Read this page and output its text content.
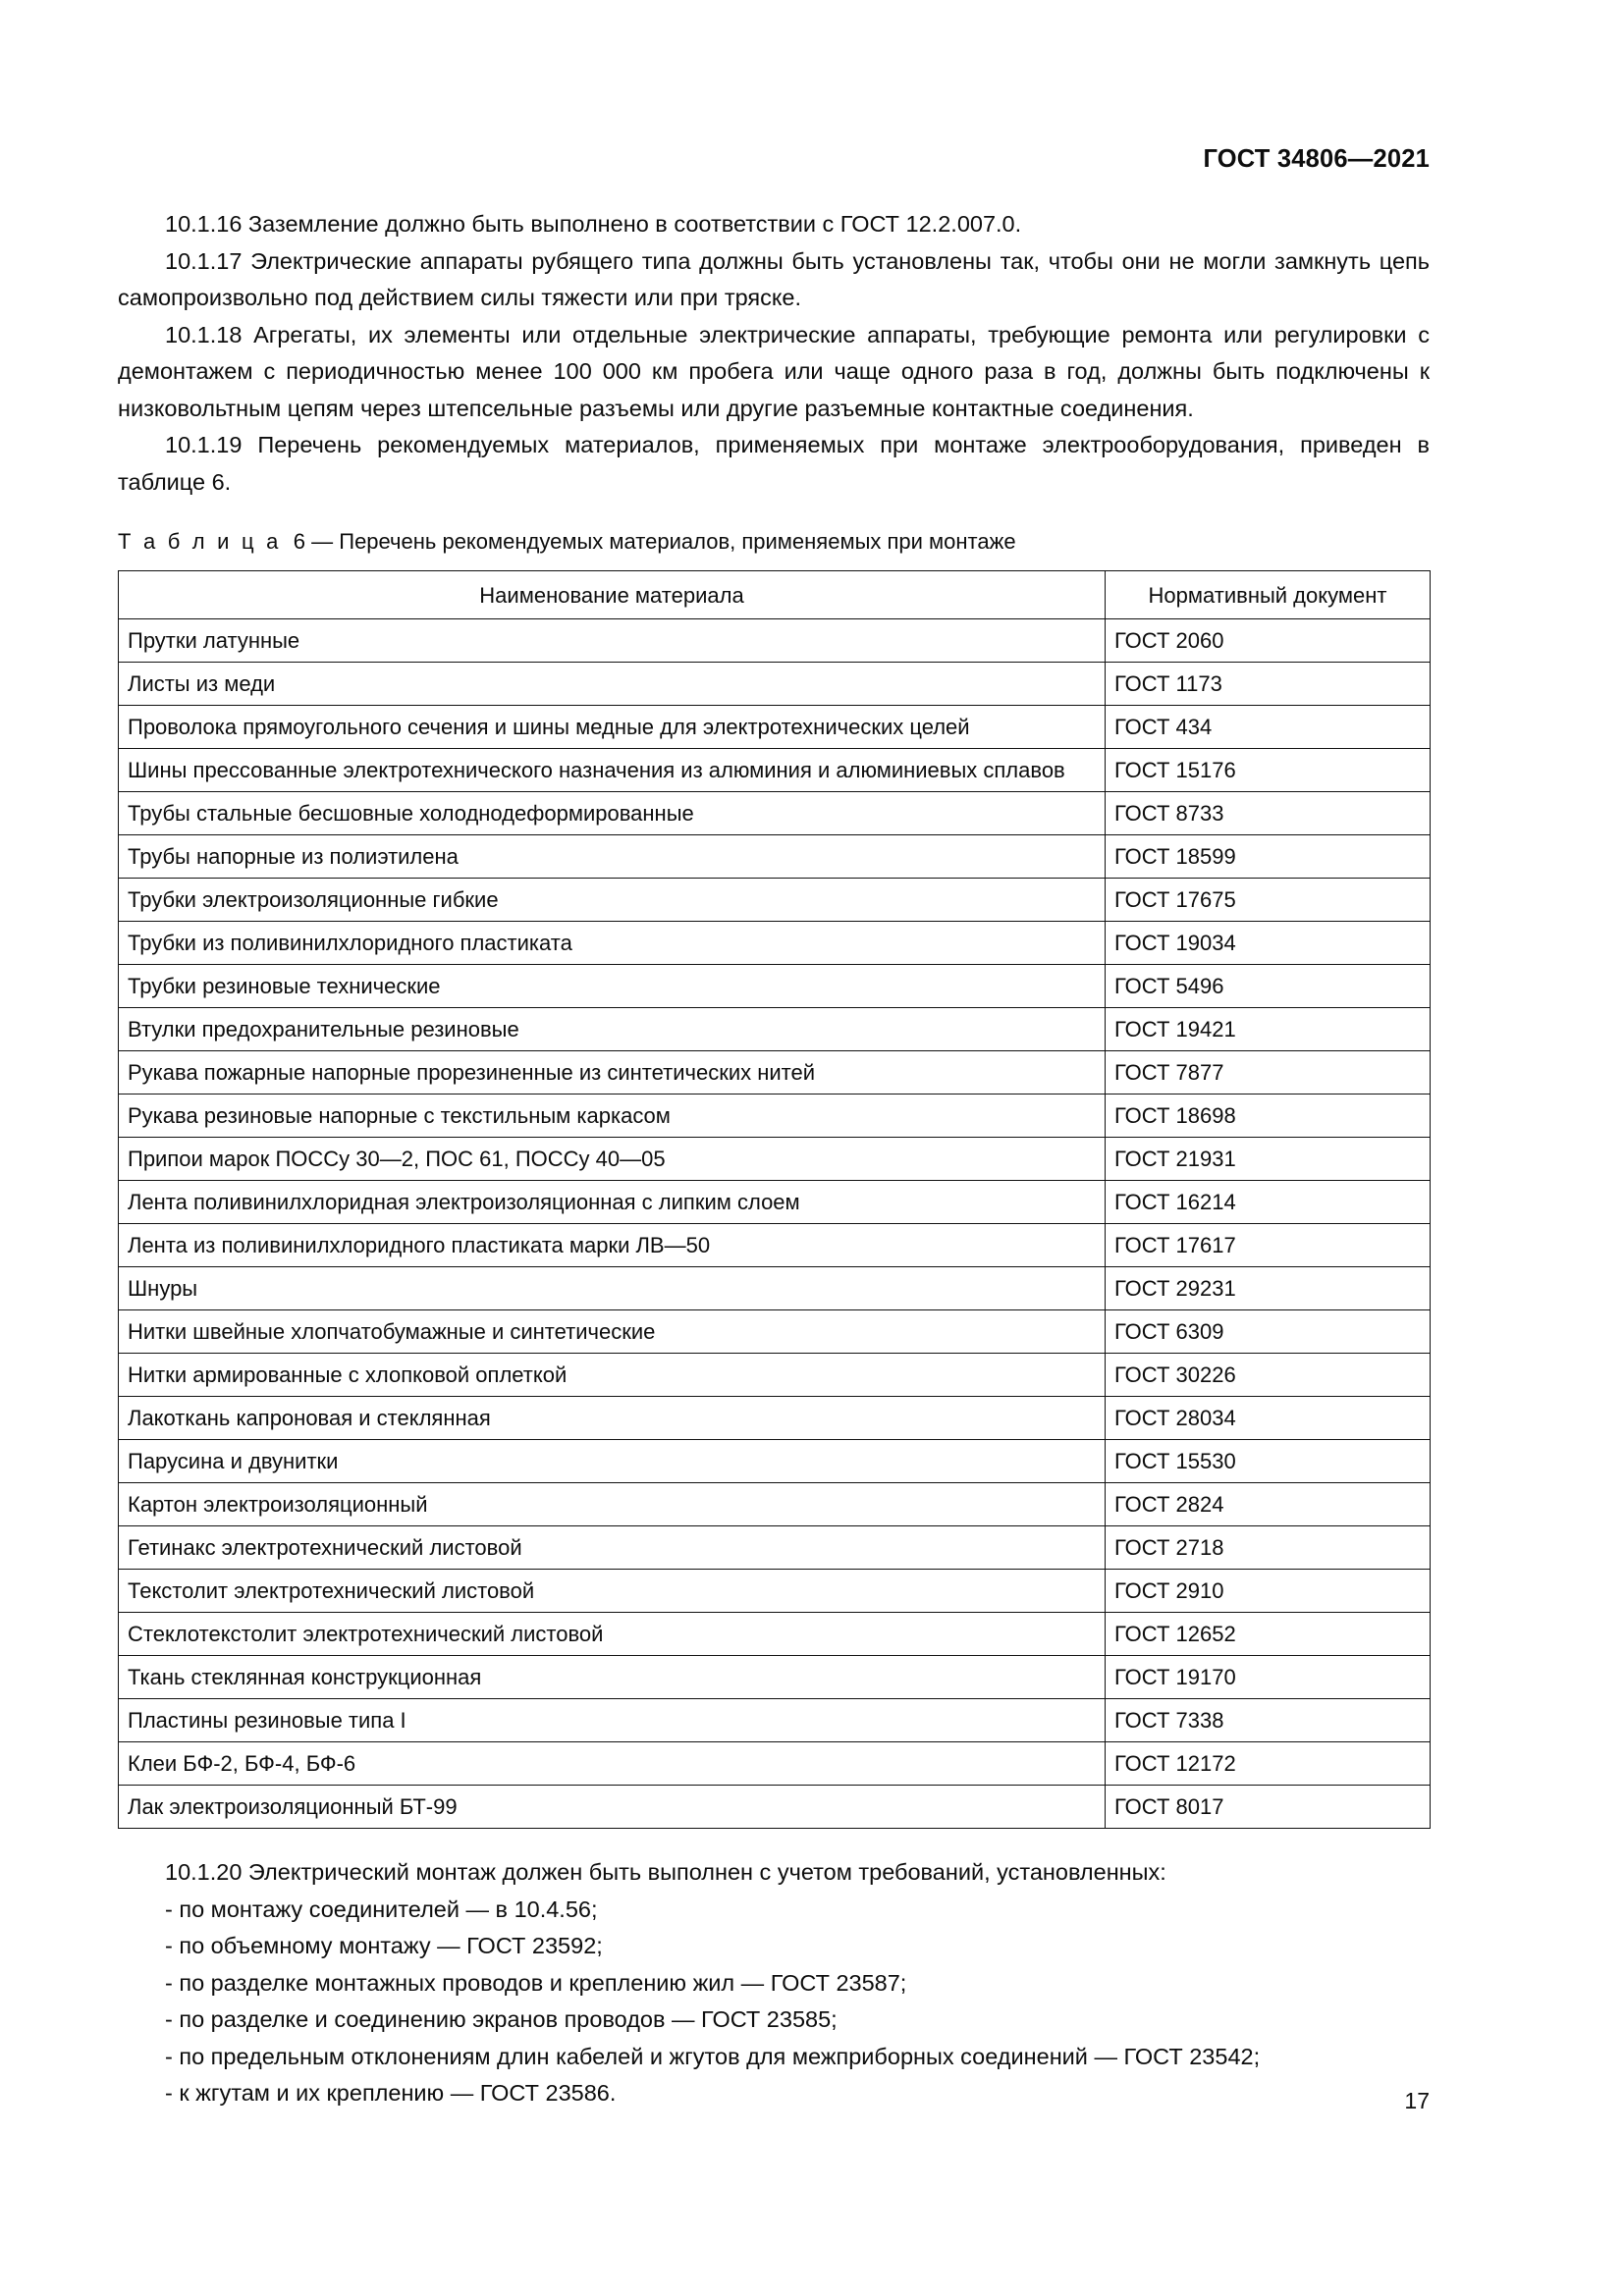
ГОСТ 34806—2021

10.1.16 Заземление должно быть выполнено в соответствии с ГОСТ 12.2.007.0.

10.1.17 Электрические аппараты рубящего типа должны быть установлены так, чтобы они не могли замкнуть цепь самопроизвольно под действием силы тяжести или при тряске.

10.1.18 Агрегаты, их элементы или отдельные электрические аппараты, требующие ремонта или регулировки с демонтажем с периодичностью менее 100 000 км пробега или чаще одного раза в год, должны быть подключены к низковольтным цепям через штепсельные разъемы или другие разъемные контактные соединения.

10.1.19 Перечень рекомендуемых материалов, применяемых при монтаже электрооборудования, приведен в таблице 6.

Т а б л и ц а 6 — Перечень рекомендуемых материалов, применяемых при монтаже

Наименование материала	Нормативный документ
Прутки латунные	ГОСТ 2060
Листы из меди	ГОСТ 1173
Проволока прямоугольного сечения и шины медные для электротехнических целей	ГОСТ 434
Шины прессованные электротехнического назначения из алюминия и алюминиевых сплавов	ГОСТ 15176
Трубы стальные бесшовные холоднодеформированные	ГОСТ 8733
Трубы напорные из полиэтилена	ГОСТ 18599
Трубки электроизоляционные гибкие	ГОСТ 17675
Трубки из поливинилхлоридного пластиката	ГОСТ 19034
Трубки резиновые технические	ГОСТ 5496
Втулки предохранительные резиновые	ГОСТ 19421
Рукава пожарные напорные прорезиненные из синтетических нитей	ГОСТ 7877
Рукава резиновые напорные с текстильным каркасом	ГОСТ 18698
Припои марок ПОССу 30—2, ПОС 61, ПОССу 40—05	ГОСТ 21931
Лента поливинилхлоридная электроизоляционная с липким слоем	ГОСТ 16214
Лента из поливинилхлоридного пластиката марки ЛВ—50	ГОСТ 17617
Шнуры	ГОСТ 29231
Нитки швейные хлопчатобумажные и синтетические	ГОСТ 6309
Нитки армированные с хлопковой оплеткой	ГОСТ 30226
Лакоткань капроновая и стеклянная	ГОСТ 28034
Парусина и двунитки	ГОСТ 15530
Картон электроизоляционный	ГОСТ 2824
Гетинакс электротехнический листовой	ГОСТ 2718
Текстолит электротехнический листовой	ГОСТ 2910
Стеклотекстолит электротехнический листовой	ГОСТ 12652
Ткань стеклянная конструкционная	ГОСТ 19170
Пластины резиновые типа I	ГОСТ 7338
Клеи БФ-2, БФ-4, БФ-6	ГОСТ 12172
Лак электроизоляционный БТ-99	ГОСТ 8017

10.1.20 Электрический монтаж должен быть выполнен с учетом требований, установленных:

- по монтажу соединителей — в 10.4.56;

- по объемному монтажу — ГОСТ 23592;

- по разделке монтажных проводов и креплению жил — ГОСТ 23587;

- по разделке и соединению экранов проводов — ГОСТ 23585;

- по предельным отклонениям длин кабелей и жгутов для межприборных соединений — ГОСТ 23542;

- к жгутам и их креплению — ГОСТ 23586.	17
